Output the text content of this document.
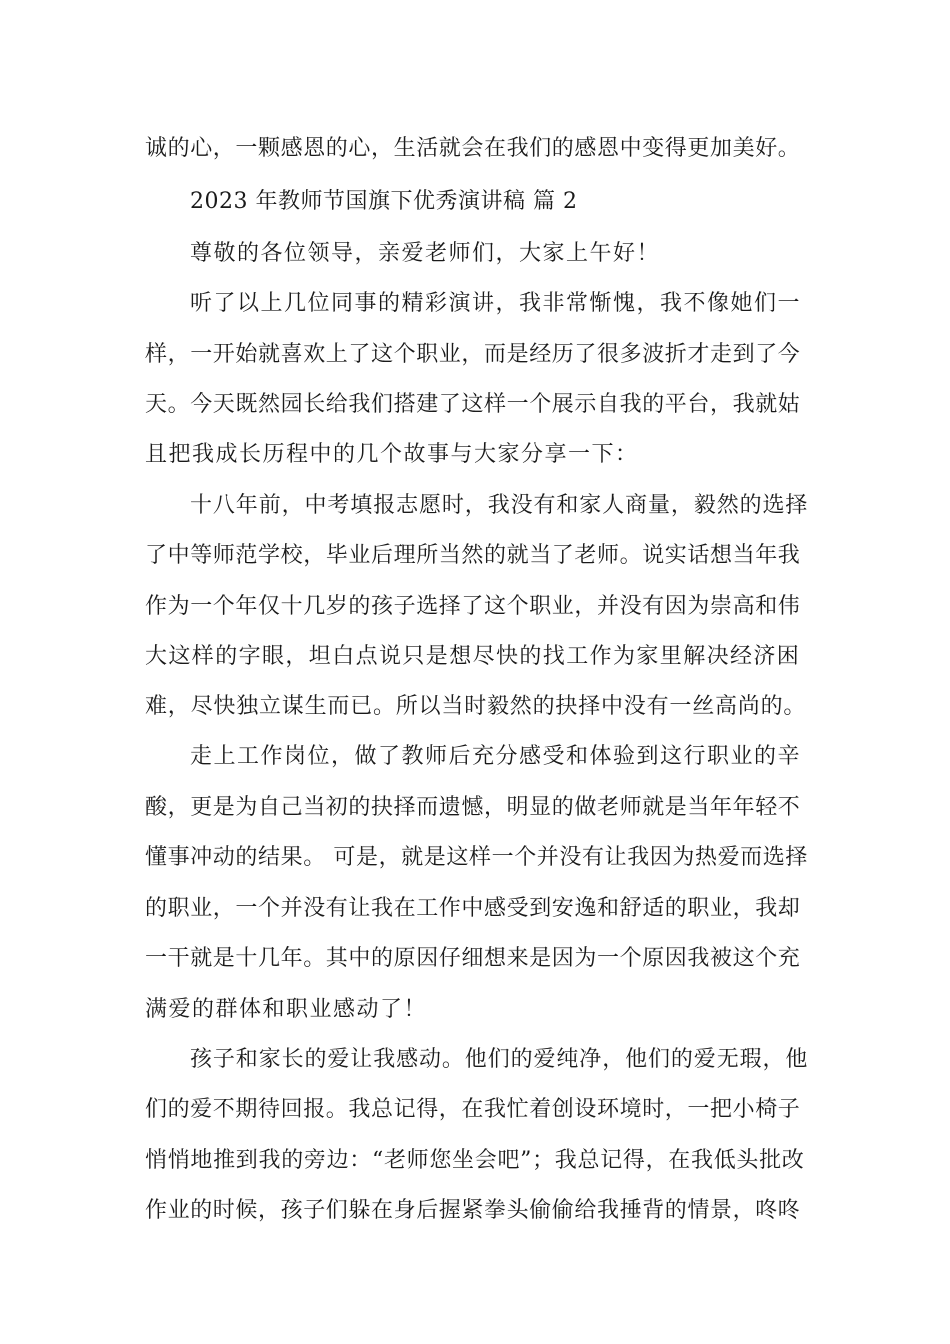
诚的心，一颗感恩的心，生活就会在我们的感恩中变得更加美好。
2023 年教师节国旗下优秀演讲稿 篇 2
尊敬的各位领导，亲爱老师们，大家上午好！
听了以上几位同事的精彩演讲，我非常惭愧，我不像她们一
样，一开始就喜欢上了这个职业，而是经历了很多波折才走到了今
天。今天既然园长给我们搭建了这样一个展示自我的平台，我就姑
且把我成长历程中的几个故事与大家分享一下：
十八年前，中考填报志愿时，我没有和家人商量，毅然的选择
了中等师范学校，毕业后理所当然的就当了老师。说实话想当年我
作为一个年仅十几岁的孩子选择了这个职业，并没有因为崇高和伟
大这样的字眼，坦白点说只是想尽快的找工作为家里解决经济困
难，尽快独立谋生而已。所以当时毅然的抉择中没有一丝高尚的。
走上工作岗位，做了教师后充分感受和体验到这行职业的辛
酸，更是为自己当初的抉择而遗憾，明显的做老师就是当年年轻不
懂事冲动的结果。 可是，就是这样一个并没有让我因为热爱而选择
的职业，一个并没有让我在工作中感受到安逸和舒适的职业，我却
一干就是十几年。其中的原因仔细想来是因为一个原因我被这个充
满爱的群体和职业感动了！
孩子和家长的爱让我感动。他们的爱纯净，他们的爱无瑕，他
们的爱不期待回报。我总记得，在我忙着创设环境时，一把小椅子
悄悄地推到我的旁边：“老师您坐会吧”；我总记得，在我低头批改
作业的时候，孩子们躲在身后握紧拳头偷偷给我捶背的情景，咚咚
